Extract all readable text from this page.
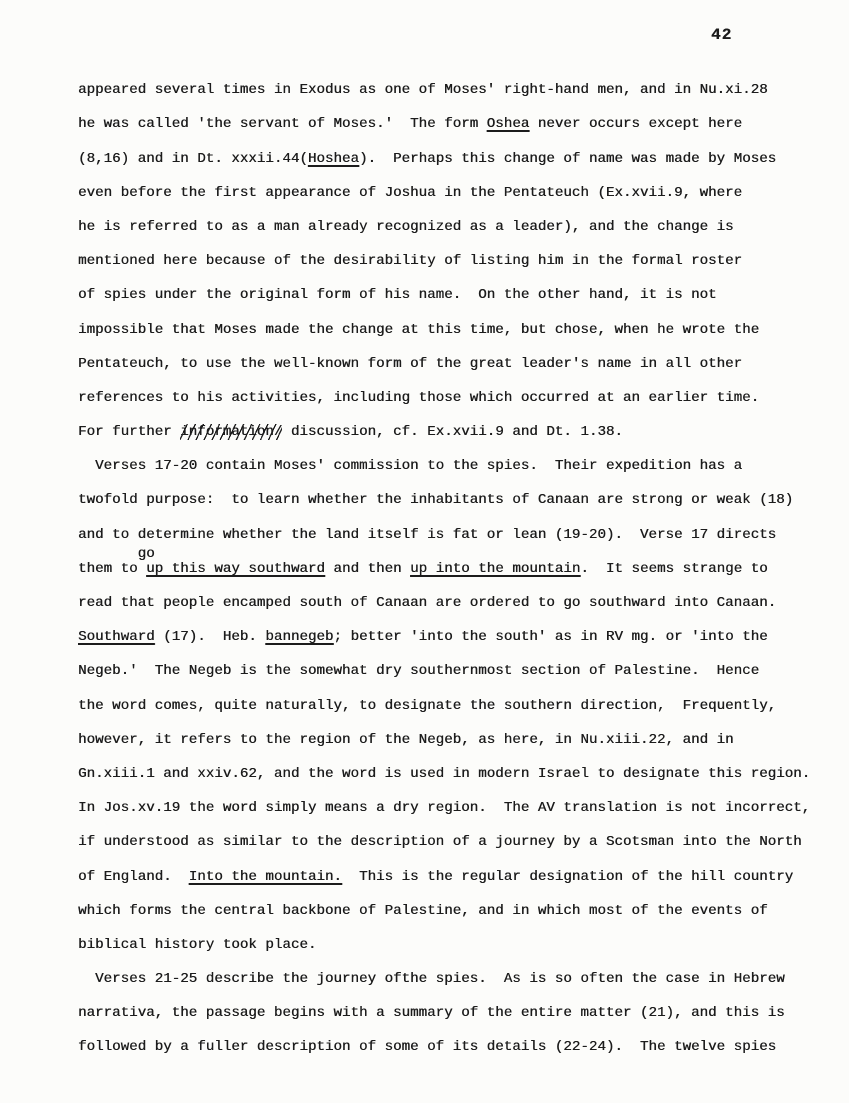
42
appeared several times in Exodus as one of Moses' right-hand men, and in Nu.xi.28
he was called 'the servant of Moses.'  The form Oshea never occurs except here
(8,16) and in Dt. xxxii.44( Hoshea ).  Perhaps this change of name was made by Moses
even before the first appearance of Joshua in the Pentateuch (Ex.xvii.9, where
he is referred to as a man already recognized as a leader), and the change is
mentioned here because of the desirability of listing him in the formal roster
of spies under the original form of his name.  On the other hand, it is not
impossible that Moses made the change at this time, but chose, when he wrote the
Pentateuch, to use the well-known form of the great leader's name in all other
references to his activities, including those which occurred at an earlier time.
For further information/ discussion, cf. Ex.xvii.9 and Dt. 1.38.
Verses 17-20 contain Moses' commission to the spies.  Their expedition has a
twofold purpose:  to learn whether the inhabitants of Canaan are strong or weak (18)
and to determine whether the land itself is fat or lean (19-20).  Verse 17 directs
go
them to up this way southward and then up into the mountain .  It seems strange to
read that people encamped south of Canaan are ordered to go southward into Canaan.
Southward (17).  Heb. bannegeb ; better 'into the south' as in RV mg. or 'into the
Negeb.'  The Negeb is the somewhat dry southernmost section of Palestine.  Hence
the word comes, quite naturally, to designate the southern direction,  Frequently,
however, it refers to the region of the Negeb, as here, in Nu.xiii.22, and in
Gn.xiii.1 and xxiv.62, and the word is used in modern Israel to designate this region.
In Jos.xv.19 the word simply means a dry region.  The AV translation is not incorrect,
if understood as similar to the description of a journey by a Scotsman into the North
of England. Into the mountain. This is the regular designation of the hill country
which forms the central backbone of Palestine, and in which most of the events of
biblical history took place.
Verses 21-25 describe the journey ofthe spies.  As is so often the case in Hebrew
narrativa, the passage begins with a summary of the entire matter (21), and this is
followed by a fuller description of some of its details (22-24).  The twelve spies
